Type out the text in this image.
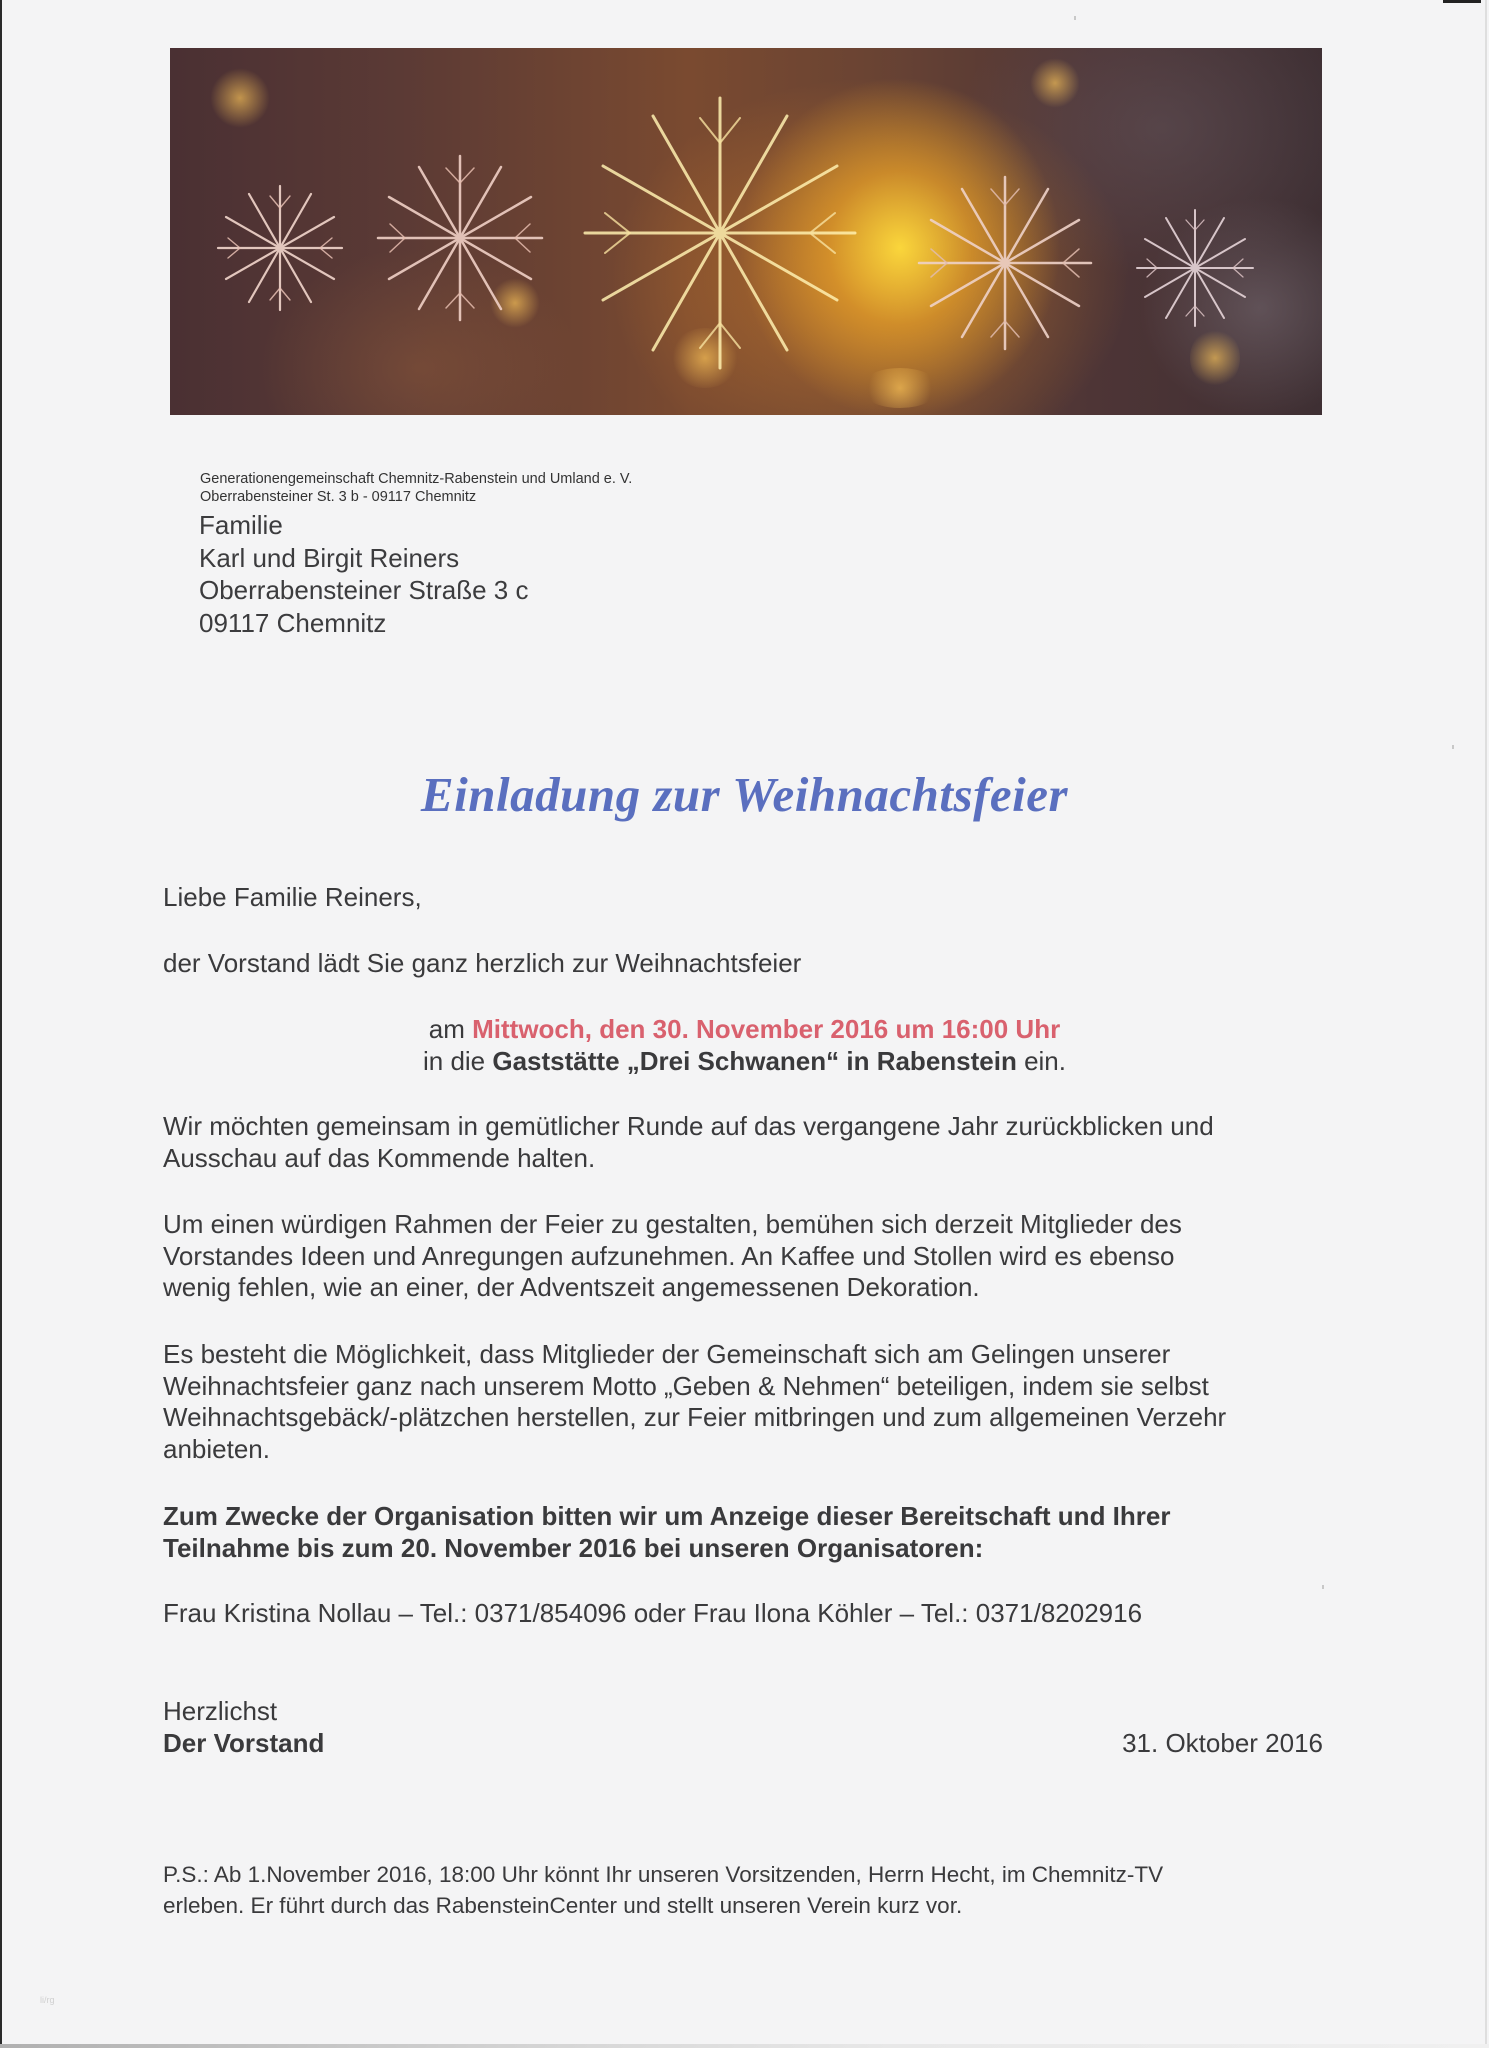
Generationengemeinschaft Chemnitz-Rabenstein und Umland e. V.
Oberrabensteiner St. 3 b - 09117 Chemnitz
Familie
Karl und Birgit Reiners
Oberrabensteiner Straße 3 c
09117 Chemnitz
Einladung zur Weihnachtsfeier
Liebe Familie Reiners,
der Vorstand lädt Sie ganz herzlich zur Weihnachtsfeier
am Mittwoch, den 30. November 2016 um 16:00 Uhr
in die Gaststätte „Drei Schwanen“ in Rabenstein ein.
Wir möchten gemeinsam in gemütlicher Runde auf das vergangene Jahr zurückblicken und
Ausschau auf das Kommende halten.
Um einen würdigen Rahmen der Feier zu gestalten, bemühen sich derzeit Mitglieder des
Vorstandes Ideen und Anregungen aufzunehmen. An Kaffee und Stollen wird es ebenso
wenig fehlen, wie an einer, der Adventszeit angemessenen Dekoration.
Es besteht die Möglichkeit, dass Mitglieder der Gemeinschaft sich am Gelingen unserer
Weihnachtsfeier ganz nach unserem Motto „Geben & Nehmen“ beteiligen, indem sie selbst
Weihnachtsgebäck/-plätzchen herstellen, zur Feier mitbringen und zum allgemeinen Verzehr
anbieten.
Zum Zwecke der Organisation bitten wir um Anzeige dieser Bereitschaft und Ihrer
Teilnahme bis zum 20. November 2016 bei unseren Organisatoren:
Frau Kristina Nollau – Tel.: 0371/854096 oder Frau Ilona Köhler – Tel.: 0371/8202916
Herzlichst
Der Vorstand	31. Oktober 2016
P.S.: Ab 1.November 2016, 18:00 Uhr könnt Ihr unseren Vorsitzenden, Herrn Hecht, im Chemnitz-TV
erleben. Er führt durch das RabensteinCenter und stellt unseren Verein kurz vor.
li/rg
